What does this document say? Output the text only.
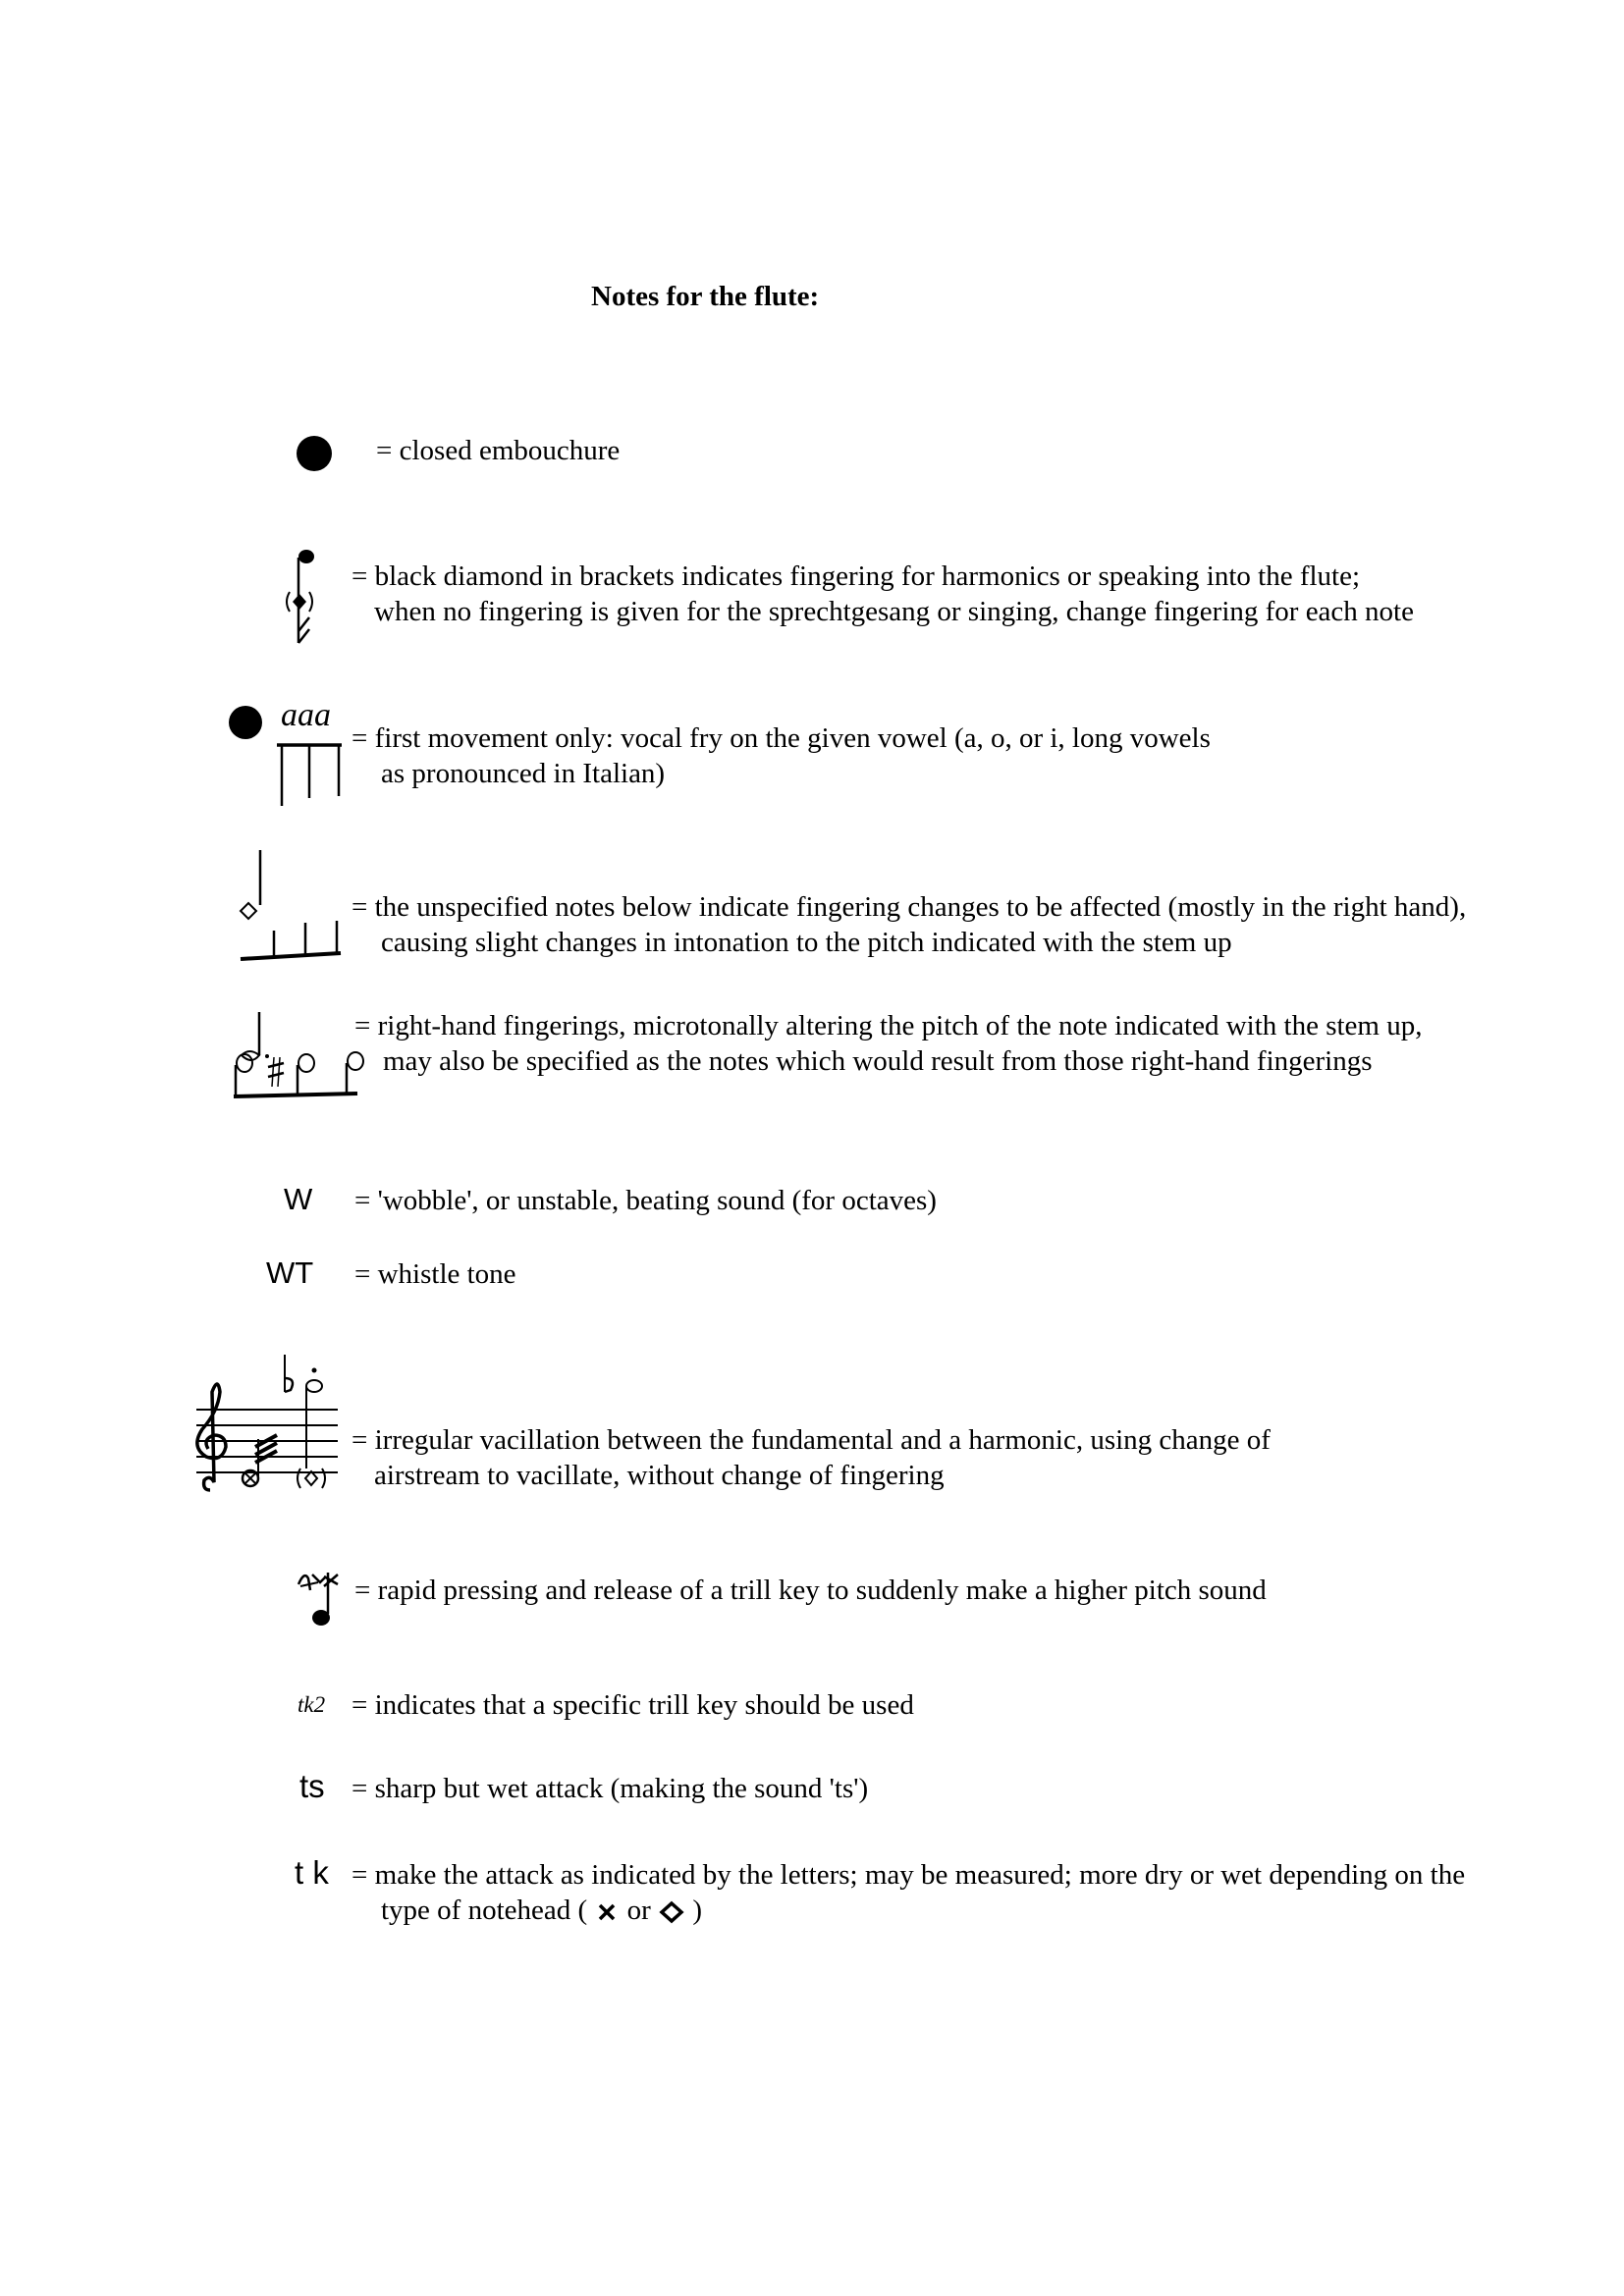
Notes for the flute:
= closed embouchure
= black diamond in brackets indicates fingering for harmonics or speaking into the flute;
when no fingering is given for the sprechtgesang or singing, change fingering for each note
aaa
= first movement only: vocal fry on the given vowel (a, o, or i, long vowels
as pronounced in Italian)
= the unspecified notes below indicate fingering changes to be affected (mostly in the right hand),
causing slight changes in intonation to the pitch indicated with the stem up
= right-hand fingerings, microtonally altering the pitch of the note indicated with the stem up,
may also be specified as the notes which would result from those right-hand fingerings
W = 'wobble', or unstable, beating sound (for octaves)
WT = whistle tone
= irregular vacillation between the fundamental and a harmonic, using change of
airstream to vacillate, without change of fingering
= rapid pressing and release of a trill key to suddenly make a higher pitch sound
tk2 = indicates that a specific trill key should be used
ts = sharp but wet attack (making the sound 'ts')
t k = make the attack as indicated by the letters; may be measured; more dry or wet depending on the
type of notehead ( or )
